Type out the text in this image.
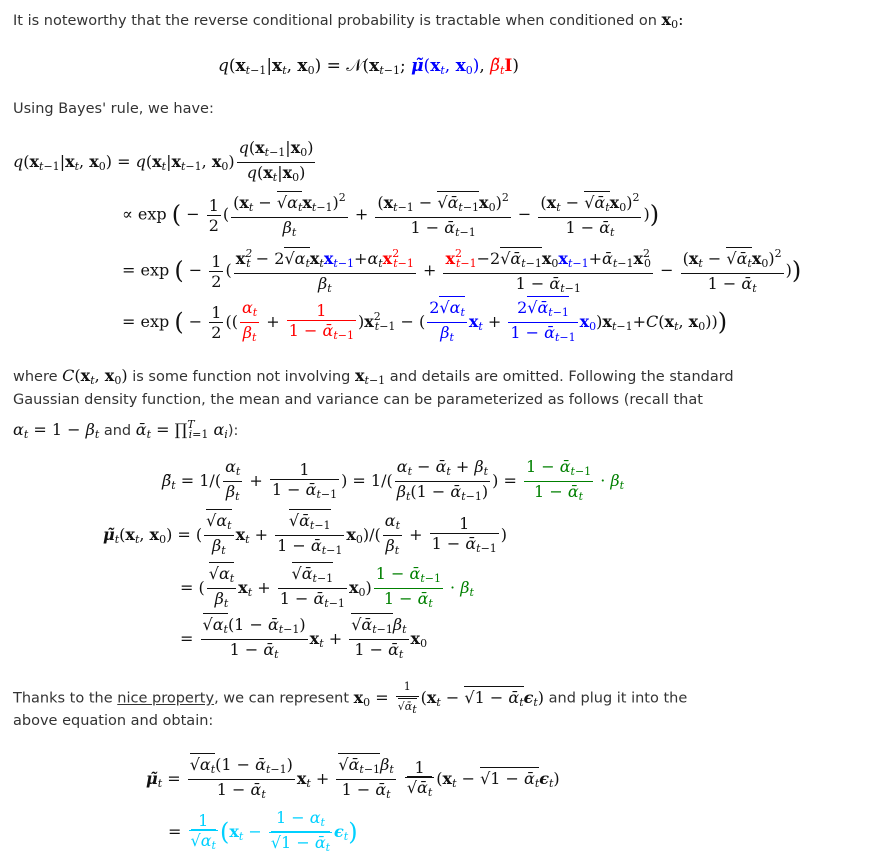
It is noteworthy that the reverse conditional probability is tractable when conditioned on $x_0$:
$q(x_{t-1}|x_t$, $x_0$) = $𝒩(x_{t-1}$; $\mũ(x_t$, $x_0$), $\betã_tI$)
Using Bayes' rule, we have:
$q(x_{t-1}|x_t$, $x_0) = q(x_t|x_{t-1}$, $x_0) \frac{q(x_{t-1}|x_0)}{q(x_t|x_0)}$
∝ exp ( − $\frac{1}{2}$ ( $\frac{(x_t - √\alpha_tx_{t-1})^2}{\beta_t} + \frac{(x_{t-1} - √ᾱ_{t-1}x_0)^2}{1 - ᾱ_{t-1}} - \frac{(x_t - √ᾱ_tx_0)^2}{1 - ᾱ_t}$ ))
= exp ( − $\frac{1}{2}$ ( $\frac{x^2_t - 2√\alpha_tx_tx_{t-1}+\alpha_tx^2_{t-1}}{\beta_t} + \frac{x^2_{t-1}-2√ᾱ_{t-1}x_0x_{t-1}+ᾱ_{t-1}x^2_0}{1 - ᾱ_{t-1}} - \frac{(x_t - √ᾱ_tx_0)^2}{1 - ᾱ_t}$ ))
= exp ( − $\frac{1}{2}$ (( $\frac{\alpha_t}{\beta_t} + \frac{1}{1 - ᾱ_{t-1}} )x^2_{t-1}$ − ( $\frac{2√\alpha_t}{\beta_t} x_t + \frac{2√ᾱ_{t-1}}{1 - ᾱ_{t-1}} x_0)x_{t-1}+C(x_t$, $x_0$)))
where $C(x_t$, $x_0$) is some function not involving $x_{t-1}$ and details are omitted. Following the standard
Gaussian density function, the mean and variance can be parameterized as follows (recall that
$\alpha_t = 1 - \beta_t$ and ᾱ$_t$ = ∏$^T_{i=1}$ $\alpha_i$):
$\betã_t = 1/( \frac{\alpha_t}{\beta_t} + \frac{1}{1 - ᾱ_{t-1}}$ ) = $1/( \frac{\alpha_t - ᾱ_t + \beta_t}{\beta_t(1 - ᾱ_{t-1})}$ ) = $\frac{1 - ᾱ_{t-1}}{1 - ᾱ_t} \cdot \beta_t$
$\mũ_t(x_t$, $x_0$) = ( $\frac{√\alpha_t}{\beta_t} x_t + \frac{√ᾱ_{t-1}}{1 - ᾱ_{t-1}} x_0)/( \frac{\alpha_t}{\beta_t} + \frac{1}{1 - ᾱ_{t-1}}$ )
= ( $\frac{√\alpha_t}{\beta_t} x_t + \frac{√ᾱ_{t-1}}{1 - ᾱ_{t-1}} x_0) \frac{1 - ᾱ_{t-1}}{1 - ᾱ_t} \cdot \beta_t$
= $\frac{√\alpha_t(1 - ᾱ_{t-1})}{1 - ᾱ_t} x_t + \frac{√ᾱ_{t-1}\beta_t}{1 - ᾱ_t} x_0$
Thanks to the nice property, we can represent $x_0 = \frac{1}{\text{√ᾱt}} (x_t - √1$ − $ᾱ_t\epsilon_t$) and plug it into the
above equation and obtain:
$\mũ_t = \frac{√\alpha_t(1 - ᾱ_{t-1})}{1 - ᾱ_t} x_t + \frac{√ᾱ_{t-1}\beta_t}{1 - ᾱ_t}$
$\frac{1}{√ᾱ_t} (x_t - √1$ − $ᾱ_t\epsilon_t$)
= $\frac{1}{√\alpha_t} (x_t - \frac{1 - \alpha_t}{√1 - ᾱ_t} \epsilon_t)$
